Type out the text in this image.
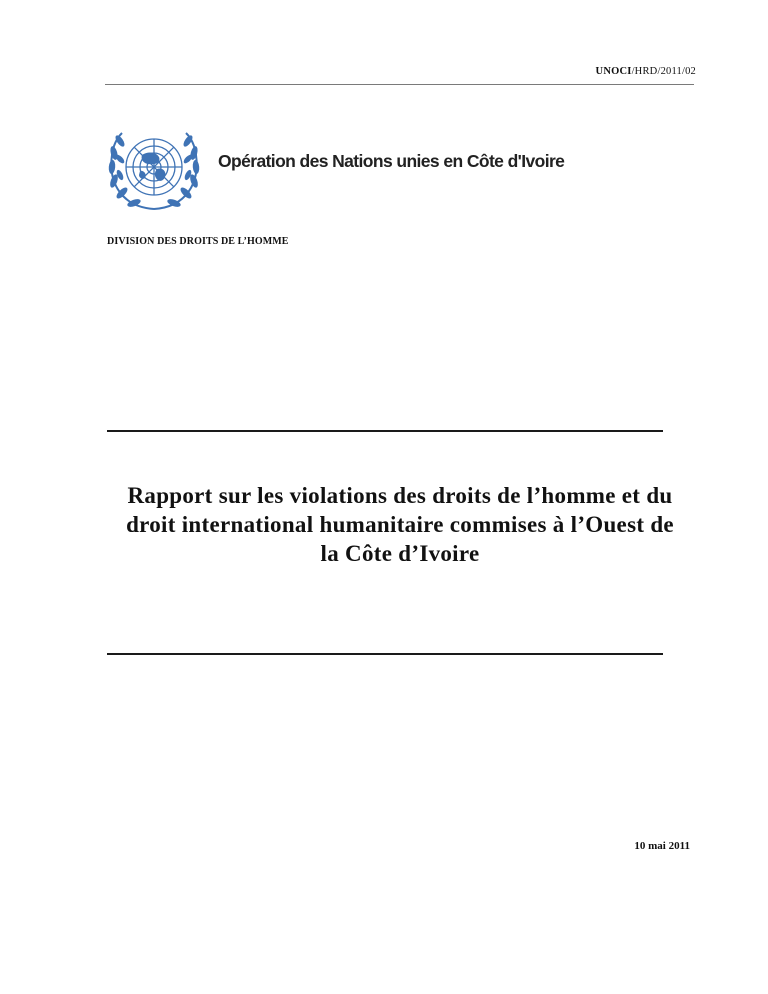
UNOCI/HRD/2011/02
Opération des Nations unies en Côte d'Ivoire
DIVISION DES DROITS DE L’HOMME
Rapport sur les violations des droits de l’homme et du
droit international humanitaire commises à l’Ouest de
la Côte d’Ivoire
10 mai 2011
